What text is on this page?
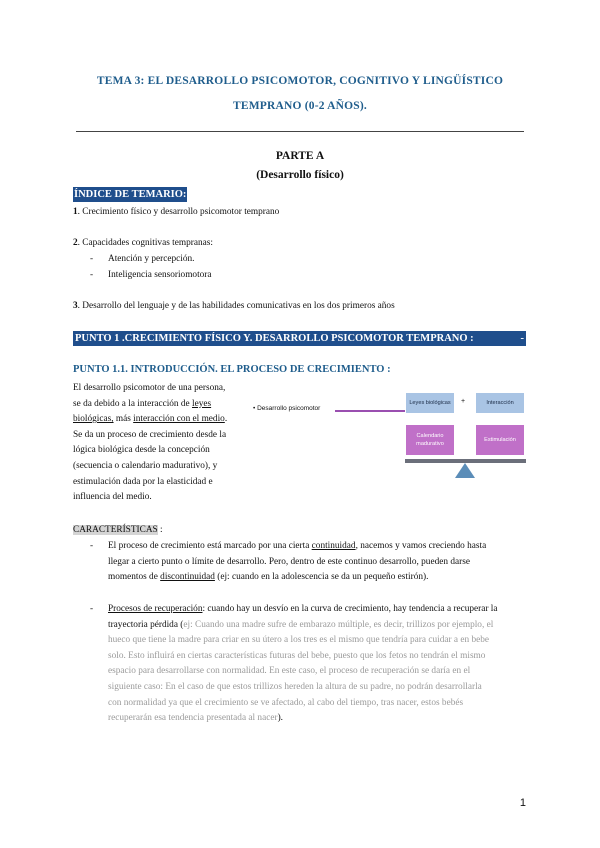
TEMA 3: EL DESARROLLO PSICOMOTOR, COGNITIVO Y LINGÜÍSTICO
TEMPRANO (0-2 AÑOS).
PARTE A
(Desarrollo físico)
ÍNDICE DE TEMARIO:
1. Crecimiento físico y desarrollo psicomotor temprano
2. Capacidades cognitivas tempranas:
- Atención y percepción.
- Inteligencia sensoriomotora
3. Desarrollo del lenguaje y de las habilidades comunicativas en los dos primeros años
PUNTO 1 .CRECIMIENTO FÍSICO Y. DESARROLLO PSICOMOTOR TEMPRANO :	-
PUNTO 1.1. INTRODUCCIÓN. EL PROCESO DE CRECIMIENTO :
El desarrollo psicomotor de una persona,
se da debido a la interacción de leyes
biológicas, más interacción con el medio.
Se da un proceso de crecimiento desde la
lógica biológica desde la concepción
(secuencia o calendario madurativo), y
estimulación dada por la elasticidad e
influencia del medio.
• Desarrollo psicomotor
Leyes biológicas	+	Interacción
Calendario
madurativo
Estimulación
CARACTERÍSTICAS :
- El proceso de crecimiento está marcado por una cierta continuidad, nacemos y vamos creciendo hasta
llegar a cierto punto o límite de desarrollo. Pero, dentro de este continuo desarrollo, pueden darse
momentos de discontinuidad (ej: cuando en la adolescencia se da un pequeño estirón).
- Procesos de recuperación: cuando hay un desvío en la curva de crecimiento, hay tendencia a recuperar la
trayectoria pérdida (ej: Cuando una madre sufre de embarazo múltiple, es decir, trillizos por ejemplo, el
hueco que tiene la madre para criar en su útero a los tres es el mismo que tendría para cuidar a en bebe
solo. Esto influirá en ciertas características futuras del bebe, puesto que los fetos no tendrán el mismo
espacio para desarrollarse con normalidad. En este caso, el proceso de recuperación se daría en el
siguiente caso: En el caso de que estos trillizos hereden la altura de su padre, no podrán desarrollarla
con normalidad ya que el crecimiento se ve afectado, al cabo del tiempo, tras nacer, estos bebés
recuperarán esa tendencia presentada al nacer).
1
